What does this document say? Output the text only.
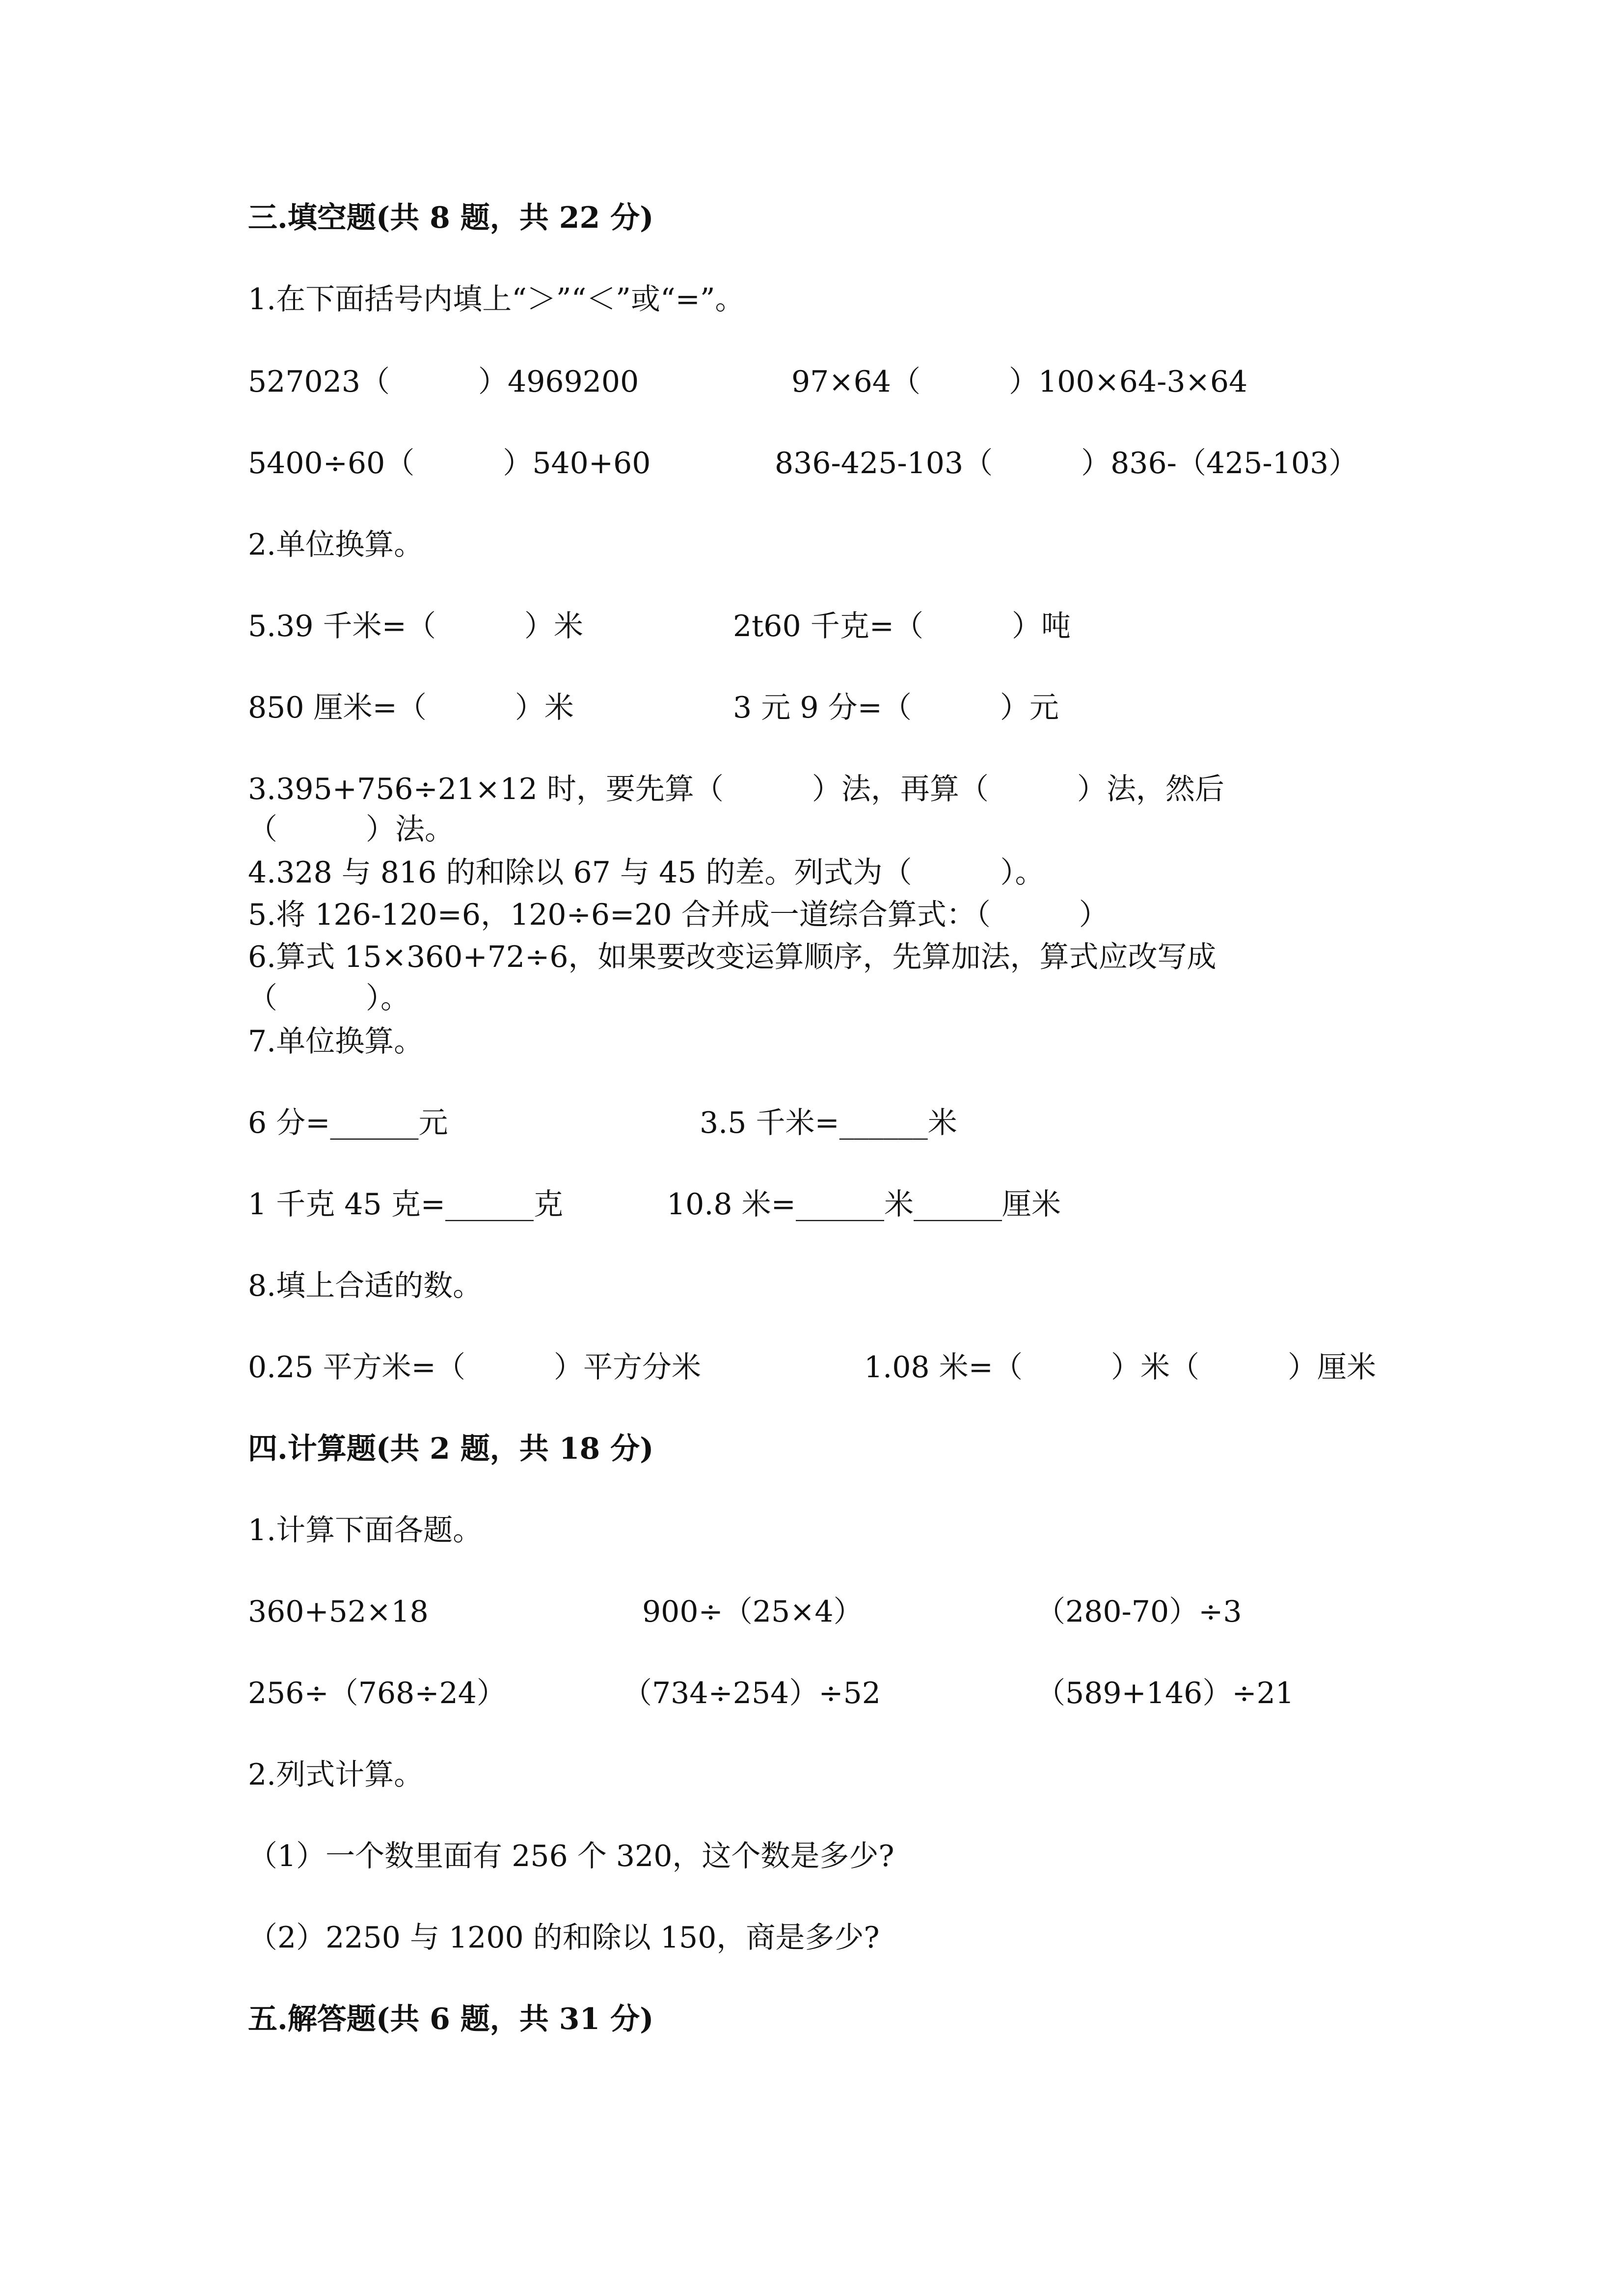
三.填空题(共 8 题，共 22 分)
1.在下面括号内填上“＞”“＜”或“=”。
527023（　　　）4969200	97×64（　　　）100×64-3×64
5400÷60（　　　）540+60	836-425-103（　　　）836-（425-103）
2.单位换算。
5.39 千米=（　　　）米	2t60 千克=（　　　）吨
850 厘米=（　　　）米	3 元 9 分=（　　　）元
3.395+756÷21×12 时，要先算（　　　）法，再算（　　　）法，然后
（　　　）法。
4.328 与 816 的和除以 67 与 45 的差。列式为（　　　）。
5.将 126-120=6，120÷6=20 合并成一道综合算式：（　　　）
6.算式 15×360+72÷6，如果要改变运算顺序，先算加法，算式应改写成
（　　　）。
7.单位换算。
6 分=______元	3.5 千米=______米
1 千克 45 克=______克	10.8 米=______米______厘米
8.填上合适的数。
0.25 平方米=（　　　）平方分米	1.08 米=（　　　）米（　　　）厘米
四.计算题(共 2 题，共 18 分)
1.计算下面各题。
360+52×18	900÷（25×4）	（280-70）÷3
256÷（768÷24）	（734÷254）÷52	（589+146）÷21
2.列式计算。
（1）一个数里面有 256 个 320，这个数是多少?
（2）2250 与 1200 的和除以 150，商是多少?
五.解答题(共 6 题，共 31 分)
